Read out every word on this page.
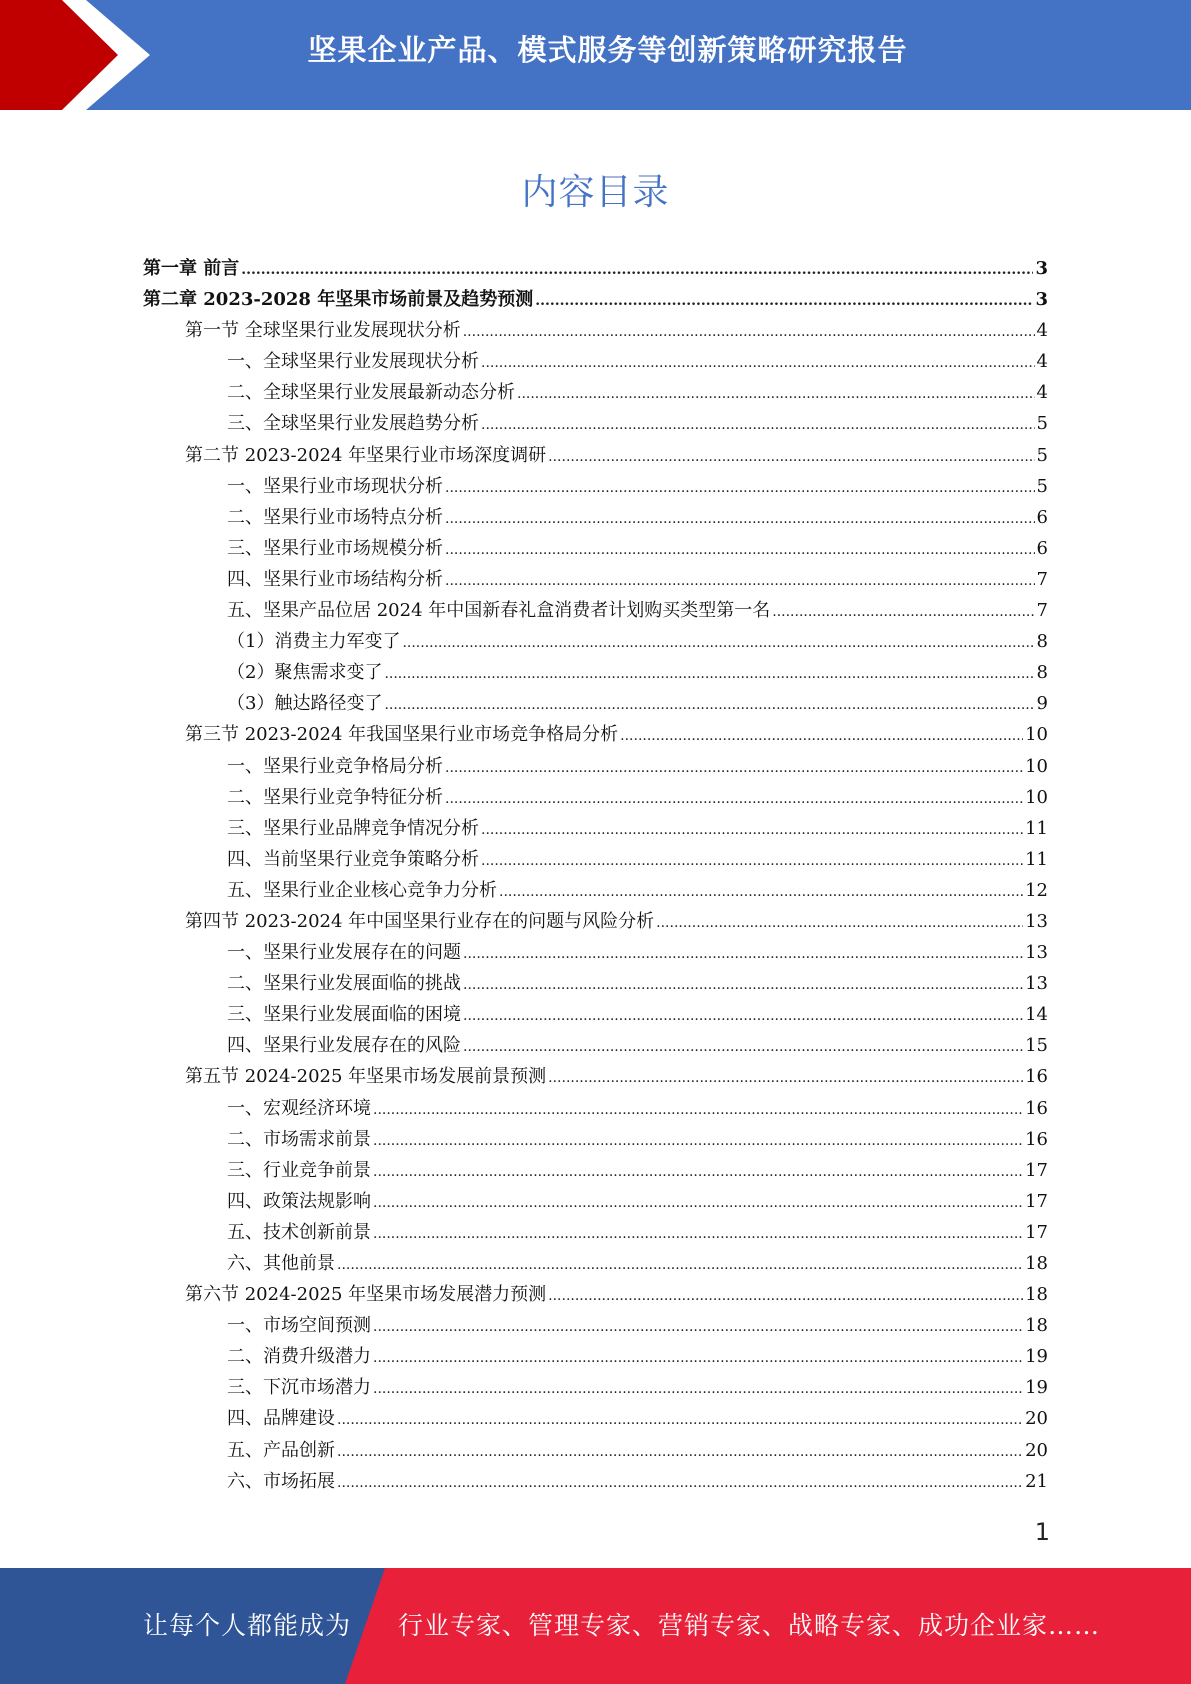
坚果企业产品、模式服务等创新策略研究报告
内容目录
第一章 前言 .....	3
第二章 2023-2028 年坚果市场前景及趋势预测 .....	3
第一节 全球坚果行业发展现状分析 .....	4
一、全球坚果行业发展现状分析 .....	4
二、全球坚果行业发展最新动态分析 .....	4
三、全球坚果行业发展趋势分析 .....	5
第二节 2023-2024 年坚果行业市场深度调研 .....	5
一、坚果行业市场现状分析 .....	5
二、坚果行业市场特点分析 .....	6
三、坚果行业市场规模分析 .....	6
四、坚果行业市场结构分析 .....	7
五、坚果产品位居 2024 年中国新春礼盒消费者计划购买类型第一名 .....	7
（1）消费主力军变了 .....	8
（2）聚焦需求变了 .....	8
（3）触达路径变了 .....	9
第三节 2023-2024 年我国坚果行业市场竞争格局分析 .....	10
一、坚果行业竞争格局分析 .....	10
二、坚果行业竞争特征分析 .....	10
三、坚果行业品牌竞争情况分析 .....	11
四、当前坚果行业竞争策略分析 .....	11
五、坚果行业企业核心竞争力分析 .....	12
第四节 2023-2024 年中国坚果行业存在的问题与风险分析 .....	13
一、坚果行业发展存在的问题 .....	13
二、坚果行业发展面临的挑战 .....	13
三、坚果行业发展面临的困境 .....	14
四、坚果行业发展存在的风险 .....	15
第五节 2024-2025 年坚果市场发展前景预测 .....	16
一、宏观经济环境 .....	16
二、市场需求前景 .....	16
三、行业竞争前景 .....	17
四、政策法规影响 .....	17
五、技术创新前景 .....	17
六、其他前景 .....	18
第六节 2024-2025 年坚果市场发展潜力预测 .....	18
一、市场空间预测 .....	18
二、消费升级潜力 .....	19
三、下沉市场潜力 .....	19
四、品牌建设 .....	20
五、产品创新 .....	20
六、市场拓展 .....	21
1
让每个人都能成为 行业专家、管理专家、营销专家、战略专家、成功企业家……
